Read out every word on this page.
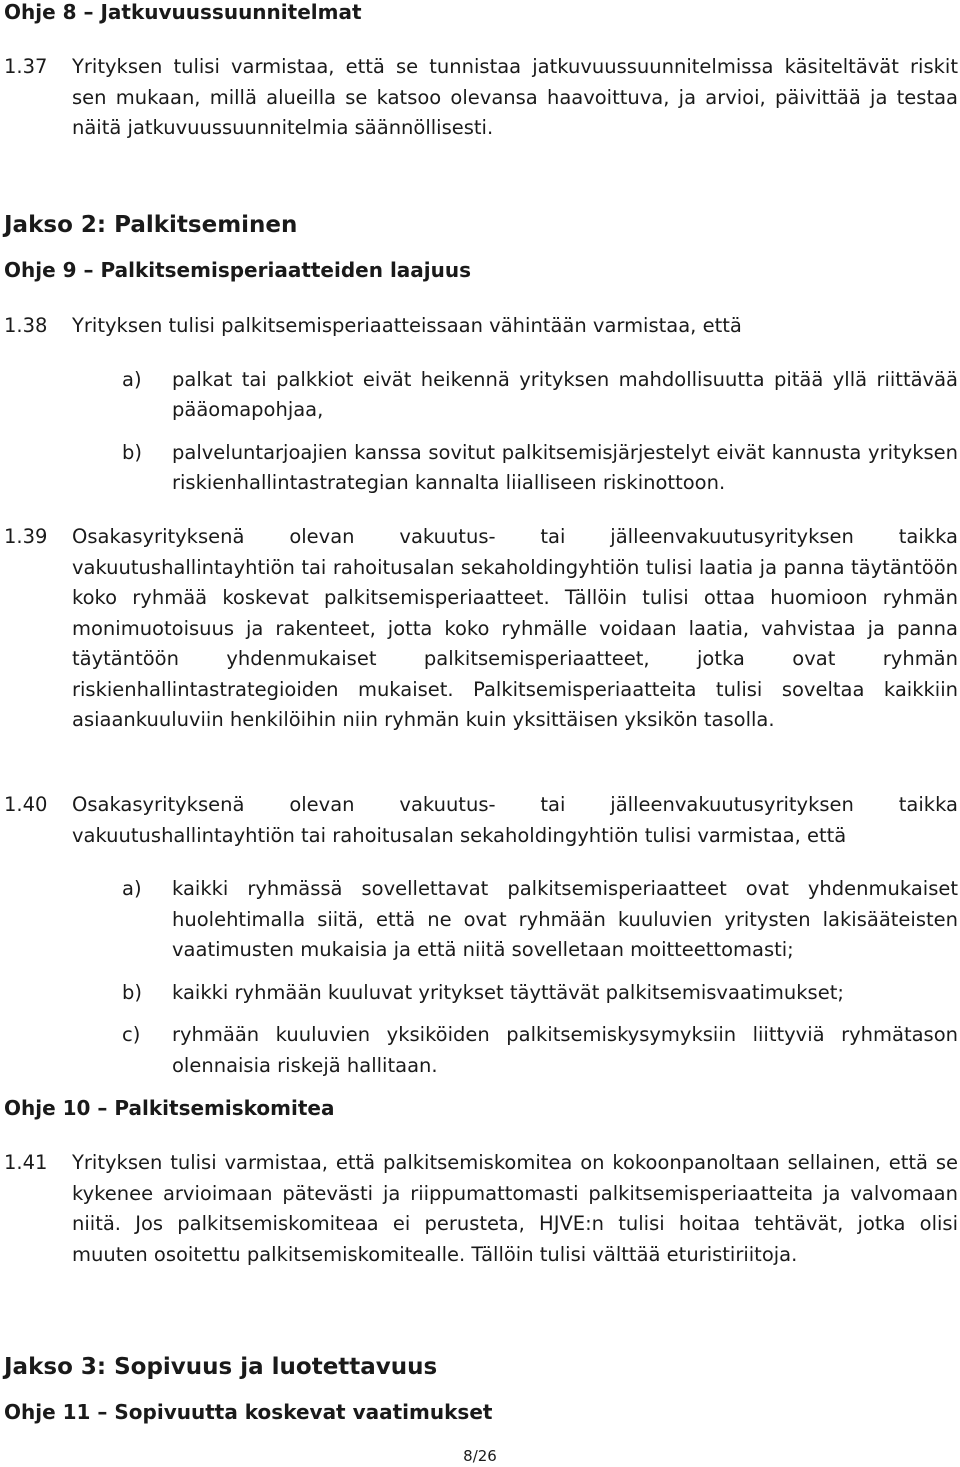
Ohje 8 – Jatkuvuussuunnitelmat
1.37 Yrityksen tulisi varmistaa, että se tunnistaa jatkuvuussuunnitelmissa käsiteltävät riskit sen mukaan, millä alueilla se katsoo olevansa haavoittuva, ja arvioi, päivittää ja testaa näitä jatkuvuussuunnitelmia säännöllisesti.
Jakso 2: Palkitseminen
Ohje 9 – Palkitsemisperiaatteiden laajuus
1.38 Yrityksen tulisi palkitsemisperiaatteissaan vähintään varmistaa, että

a) palkat tai palkkiot eivät heikennä yrityksen mahdollisuutta pitää yllä riittävää pääomapohjaa,
b) palveluntarjoajien kanssa sovitut palkitsemisjärjestelyt eivät kannusta yrityksen riskienhallintastrategian kannalta liialliseen riskinottoon.
1.39 Osakasyrityksenä olevan vakuutus- tai jälleenvakuutusyrityksen taikka vakuutushallintayhtiön tai rahoitusalan sekaholdingyhtiön tulisi laatia ja panna täytäntöön koko ryhmää koskevat palkitsemisperiaatteet. Tällöin tulisi ottaa huomioon ryhmän monimuotoisuus ja rakenteet, jotta koko ryhmälle voidaan laatia, vahvistaa ja panna täytäntöön yhdenmukaiset palkitsemisperiaatteet, jotka ovat ryhmän riskienhallintastrategioiden mukaiset. Palkitsemisperiaatteita tulisi soveltaa kaikkiin asiaankuuluviin henkilöihin niin ryhmän kuin yksittäisen yksikön tasolla.
1.40 Osakasyrityksenä olevan vakuutus- tai jälleenvakuutusyrityksen taikka vakuutushallintayhtiön tai rahoitusalan sekaholdingyhtiön tulisi varmistaa, että

a) kaikki ryhmässä sovellettavat palkitsemisperiaatteet ovat yhdenmukaiset huolehtimalla siitä, että ne ovat ryhmään kuuluvien yritysten lakisääteisten vaatimusten mukaisia ja että niitä sovelletaan moitteettomasti;
b) kaikki ryhmään kuuluvat yritykset täyttävät palkitsemisvaatimukset;
c) ryhmään kuuluvien yksiköiden palkitsemiskysymyksiin liittyviä ryhmätason olennaisia riskejä hallitaan.
Ohje 10 – Palkitsemiskomitea
1.41 Yrityksen tulisi varmistaa, että palkitsemiskomitea on kokoonpanoltaan sellainen, että se kykenee arvioimaan pätevästi ja riippumattomasti palkitsemisperiaatteita ja valvomaan niitä. Jos palkitsemiskomiteaa ei perusteta, HJVE:n tulisi hoitaa tehtävät, jotka olisi muuten osoitettu palkitsemiskomitealle. Tällöin tulisi välttää eturistiriitoja.
Jakso 3: Sopivuus ja luotettavuus
Ohje 11 – Sopivuutta koskevat vaatimukset
8/26
